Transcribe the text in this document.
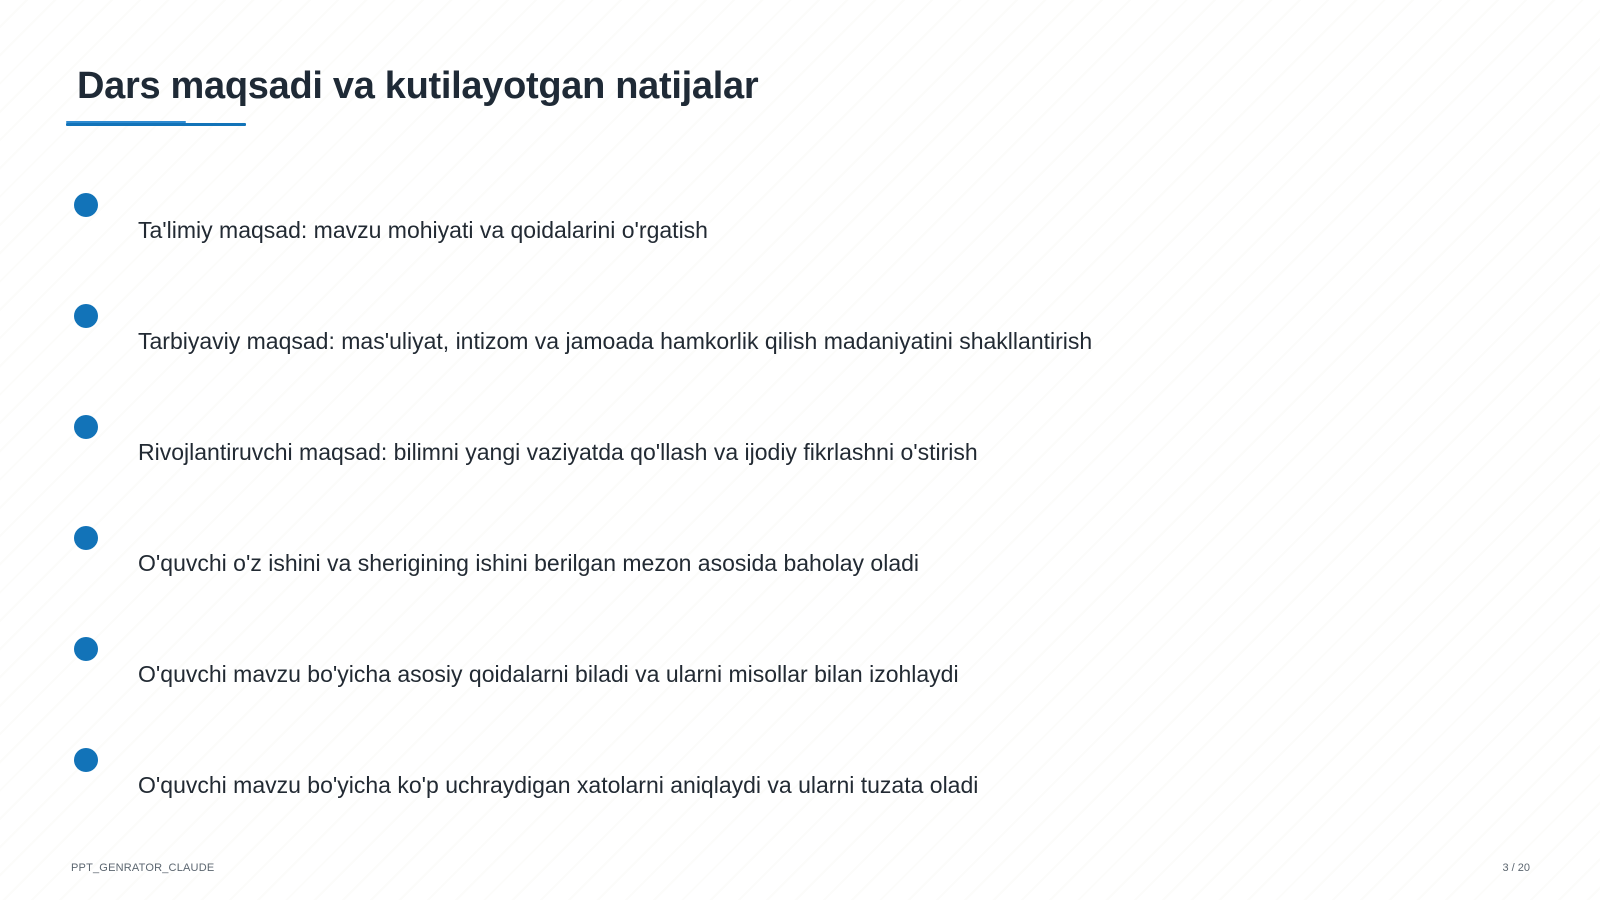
Dars maqsadi va kutilayotgan natijalar
Ta'limiy maqsad: mavzu mohiyati va qoidalarini o'rgatish
Tarbiyaviy maqsad: mas'uliyat, intizom va jamoada hamkorlik qilish madaniyatini shakllantirish
Rivojlantiruvchi maqsad: bilimni yangi vaziyatda qo'llash va ijodiy fikrlashni o'stirish
O'quvchi o'z ishini va sherigining ishini berilgan mezon asosida baholay oladi
O'quvchi mavzu bo'yicha asosiy qoidalarni biladi va ularni misollar bilan izohlaydi
O'quvchi mavzu bo'yicha ko'p uchraydigan xatolarni aniqlaydi va ularni tuzata oladi
PPT_GENRATOR_CLAUDE	3 / 20
